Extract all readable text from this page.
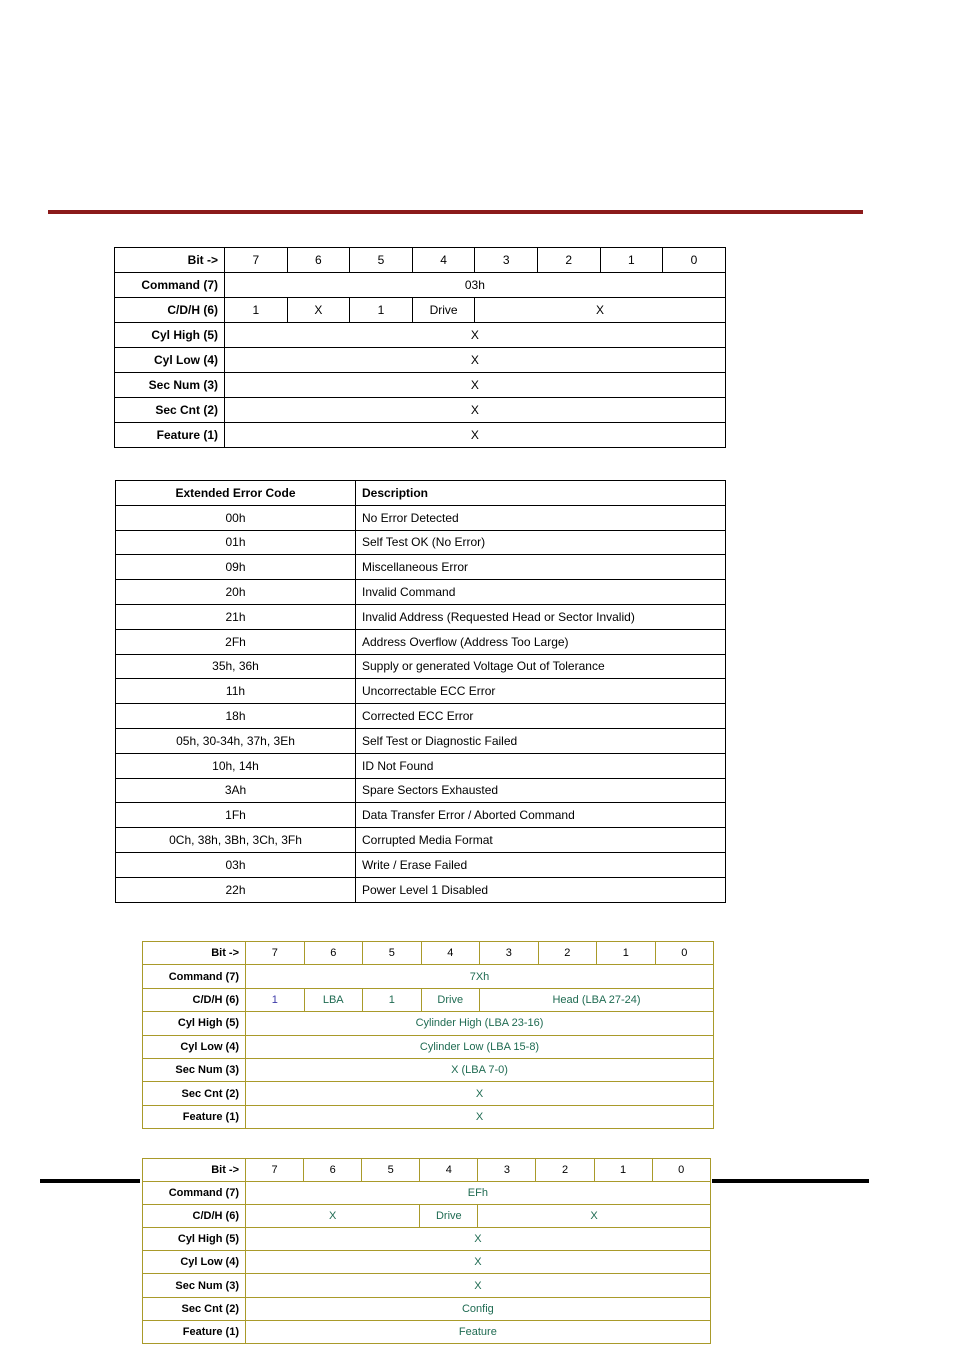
Bit ->	7	6	5	4	3	2	1	0
Command (7)	03h							
C/D/H (6)	1	X	1	Drive	X			
Cyl High (5)	X							
Cyl Low (4)	X							
Sec Num (3)	X							
Sec Cnt (2)	X							
Feature (1)	X							
Extended Error Code	Description
00h	No Error Detected
01h	Self Test OK (No Error)
09h	Miscellaneous Error
20h	Invalid Command
21h	Invalid Address (Requested Head or Sector Invalid)
2Fh	Address Overflow (Address Too Large)
35h, 36h	Supply or generated Voltage Out of Tolerance
11h	Uncorrectable ECC Error
18h	Corrected ECC Error
05h, 30-34h, 37h, 3Eh	Self Test or Diagnostic Failed
10h, 14h	ID Not Found
3Ah	Spare Sectors Exhausted
1Fh	Data Transfer Error / Aborted Command
0Ch, 38h, 3Bh, 3Ch, 3Fh	Corrupted Media Format
03h	Write / Erase Failed
22h	Power Level 1 Disabled
Bit ->	7	6	5	4	3	2	1	0
Command (7)	7Xh							
C/D/H (6)	1	LBA	1	Drive	Head (LBA 27-24)			
Cyl High (5)	Cylinder High (LBA 23-16)							
Cyl Low (4)	Cylinder Low (LBA 15-8)							
Sec Num (3)	X (LBA 7-0)							
Sec Cnt (2)	X							
Feature (1)	X							
Bit ->	7	6	5	4	3	2	1	0
Command (7)	EFh							
C/D/H (6)	X			Drive	X			
Cyl High (5)	X							
Cyl Low (4)	X							
Sec Num (3)	X							
Sec Cnt (2)	Config							
Feature (1)	Feature							
